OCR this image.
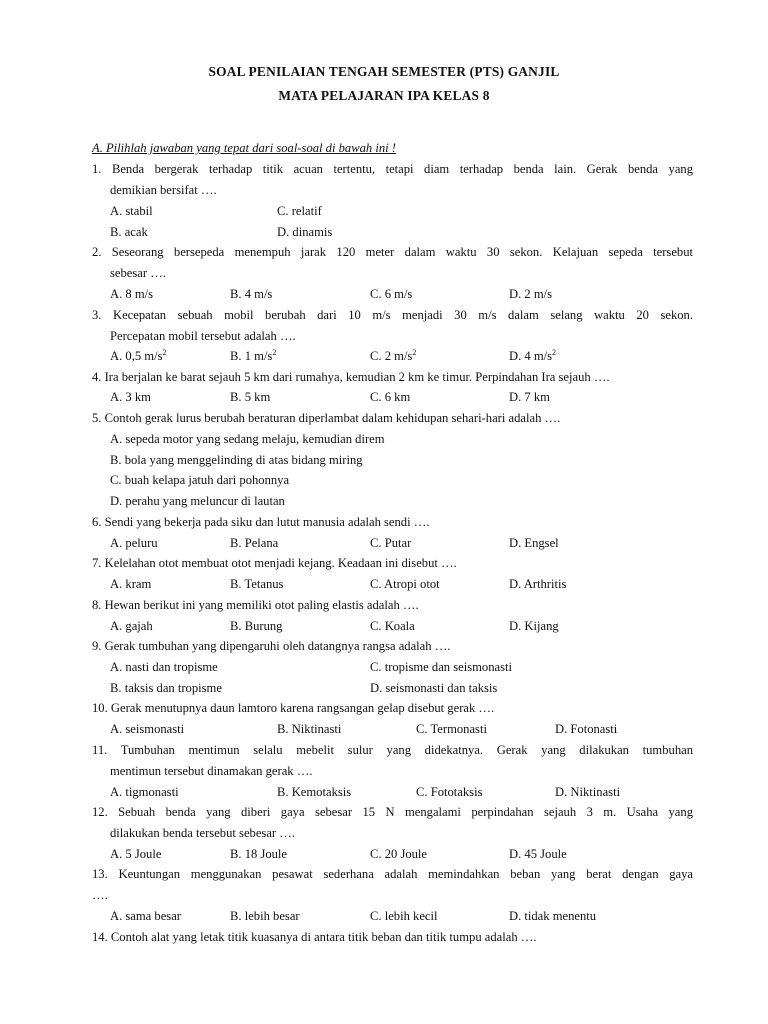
SOAL PENILAIAN TENGAH SEMESTER (PTS) GANJIL
MATA PELAJARAN IPA KELAS 8
A. Pilihlah jawaban yang tepat dari soal-soal di bawah ini !
1. Benda bergerak terhadap titik acuan tertentu, tetapi diam terhadap benda lain. Gerak benda yang
demikian bersifat ….
A. stabil	C. relatif
B. acak	D. dinamis
2. Seseorang bersepeda menempuh jarak 120 meter dalam waktu 30 sekon. Kelajuan sepeda tersebut
sebesar ….
A. 8 m/s	B. 4 m/s	C. 6 m/s	D. 2 m/s
3. Kecepatan sebuah mobil berubah dari 10 m/s menjadi 30 m/s dalam selang waktu 20 sekon.
Percepatan mobil tersebut adalah ….
A. 0,5 $m/s^2$	B. 1 $m/s^2$	C. 2 $m/s^2$	D. 4 $m/s^2$
4. Ira berjalan ke barat sejauh 5 km dari rumahya, kemudian 2 km ke timur. Perpindahan Ira sejauh ….
A. 3 km	B. 5 km	C. 6 km	D. 7 km
5. Contoh gerak lurus berubah beraturan diperlambat dalam kehidupan sehari-hari adalah ….
A. sepeda motor yang sedang melaju, kemudian direm
B. bola yang menggelinding di atas bidang miring
C. buah kelapa jatuh dari pohonnya
D. perahu yang meluncur di lautan
6. Sendi yang bekerja pada siku dan lutut manusia adalah sendi ….
A. peluru	B. Pelana	C. Putar	D. Engsel
7. Kelelahan otot membuat otot menjadi kejang. Keadaan ini disebut ….
A. kram	B. Tetanus	C. Atropi otot	D. Arthritis
8. Hewan berikut ini yang memiliki otot paling elastis adalah ….
A. gajah	B. Burung	C. Koala	D. Kijang
9. Gerak tumbuhan yang dipengaruhi oleh datangnya rangsa adalah ….
A. nasti dan tropisme	C. tropisme dan seismonasti
B. taksis dan tropisme	D. seismonasti dan taksis
10. Gerak menutupnya daun lamtoro karena rangsangan gelap disebut gerak ….
A. seismonasti	B. Niktinasti	C. Termonasti	D. Fotonasti
11. Tumbuhan mentimun selalu mebelit sulur yang didekatnya. Gerak yang dilakukan tumbuhan
mentimun tersebut dinamakan gerak ….
A. tigmonasti	B. Kemotaksis	C. Fototaksis	D. Niktinasti
12. Sebuah benda yang diberi gaya sebesar 15 N mengalami perpindahan sejauh 3 m. Usaha yang
dilakukan benda tersebut sebesar ….
A. 5 Joule	B. 18 Joule	C. 20 Joule	D. 45 Joule
13. Keuntungan menggunakan pesawat sederhana adalah memindahkan beban yang berat dengan gaya
….
A. sama besar	B. lebih besar	C. lebih kecil	D. tidak menentu
14. Contoh alat yang letak titik kuasanya di antara titik beban dan titik tumpu adalah ….
